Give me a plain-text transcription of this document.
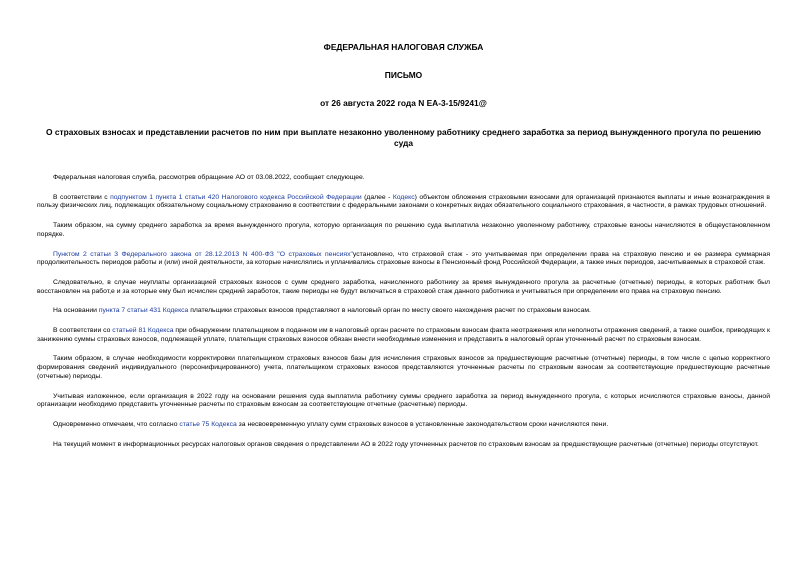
ФЕДЕРАЛЬНАЯ НАЛОГОВАЯ СЛУЖБА
ПИСЬМО
от 26 августа 2022 года N ЕА-3-15/9241@
О страховых взносах и представлении расчетов по ним при выплате незаконно уволенному работнику среднего заработка за период вынужденного прогула по решению суда

Федеральная налоговая служба, рассмотрев обращение АО от 03.08.2022, сообщает следующее.

В соответствии с подпунктом 1 пункта 1 статьи 420 Налогового кодекса Российской Федерации (далее - Кодекс) объектом обложения страховыми взносами для организаций признаются выплаты и иные вознаграждения в пользу физических лиц, подлежащих обязательному социальному страхованию в соответствии с федеральными законами о конкретных видах обязательного социального страхования, в частности, в рамках трудовых отношений.

Таким образом, на сумму среднего заработка за время вынужденного прогула, которую организация по решению суда выплатила незаконно уволенному работнику, страховые взносы начисляются в общеустановленном порядке.

Пунктом 2 статьи 3 Федерального закона от 28.12.2013 N 400-ФЗ "О страховых пенсиях"установлено, что страховой стаж - это учитываемая при определении права на страховую пенсию и ее размера суммарная продолжительность периодов работы и (или) иной деятельности, за которые начислялись и уплачивались страховые взносы в Пенсионный фонд Российской Федерации, а также иных периодов, засчитываемых в страховой стаж.

Следовательно, в случае неуплаты организацией страховых взносов с сумм среднего заработка, начисленного работнику за время вынужденного прогула за расчетные (отчетные) периоды, в которых работник был восстановлен на работ,е и за которые ему был исчислен средний заработок, такие периоды не будут включаться в страховой стаж данного работника и учитываться при определении его права на страховую пенсию.

На основании пункта 7 статьи 431 Кодекса плательщики страховых взносов представляют в налоговый орган по месту своего нахождения расчет по страховым взносам.

В соответствии со статьей 81 Кодекса при обнаружении плательщиком в поданном им в налоговый орган расчете по страховым взносам факта неотражения или неполноты отражения сведений, а также ошибок, приводящих к занижению суммы страховых взносов, подлежащей уплате, плательщик страховых взносов обязан внести необходимые изменения и представить в налоговый орган уточненный расчет по страховым взносам.

Таким образом, в случае необходимости корректировки плательщиком страховых взносов базы для исчисления страховых взносов за предшествующие расчетные (отчетные) периоды, в том числе с целью корректного формирования сведений индивидуального (персонифицированного) учета, плательщиком страховых взносов представляются уточненные расчеты по страховым взносам за соответствующие предшествующие расчетные (отчетные) периоды.

Учитывая изложенное, если организация в 2022 году на основании решения суда выплатила работнику суммы среднего заработка за период вынужденного прогула, с которых исчисляются страховые взносы, данной организации необходимо представить уточненные расчеты по страховым взносам за соответствующие отчетные (расчетные) периоды.

Одновременно отмечаем, что согласно статье 75 Кодекса за несвоевременную уплату сумм страховых взносов в установленные законодательством сроки начисляются пени.

На текущий момент в информационных ресурсах налоговых органов сведения о представлении АО в 2022 году уточненных расчетов по страховым взносам за предшествующие расчетные (отчетные) периоды отсутствуют.
